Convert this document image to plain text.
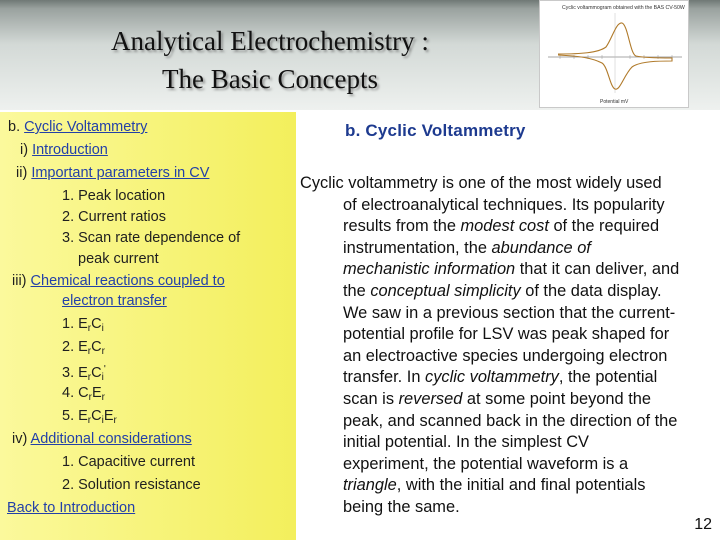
Analytical Electrochemistry :
The Basic Concepts
Cyclic voltammogram obtained with the BAS CV-50W
Potential mV
b. Cyclic Voltammetry
i) Introduction
ii) Important parameters in CV
1. Peak location
2. Current ratios
3. Scan rate dependence of
peak current
iii) Chemical reactions coupled to
electron transfer
1. $E_rC_i$
2. $E_rC_r$
3. $E_rC_i'$
4. $C_rE_r$
5. $E_rC_iE_r$
iv) Additional considerations
1. Capacitive current
2. Solution resistance
Back to Introduction
b. Cyclic Voltammetry
Cyclic voltammetry is one of the most widely used
of electroanalytical techniques. Its popularity
results from the modest cost of the required
instrumentation, the abundance of
mechanistic information that it can deliver, and
the conceptual simplicity of the data display.
We saw in a previous section that the current-
potential profile for LSV was peak shaped for
an electroactive species undergoing electron
transfer. In cyclic voltammetry, the potential
scan is reversed at some point beyond the
peak, and scanned back in the direction of the
initial potential. In the simplest CV
experiment, the potential waveform is a
triangle, with the initial and final potentials
being the same.
12
